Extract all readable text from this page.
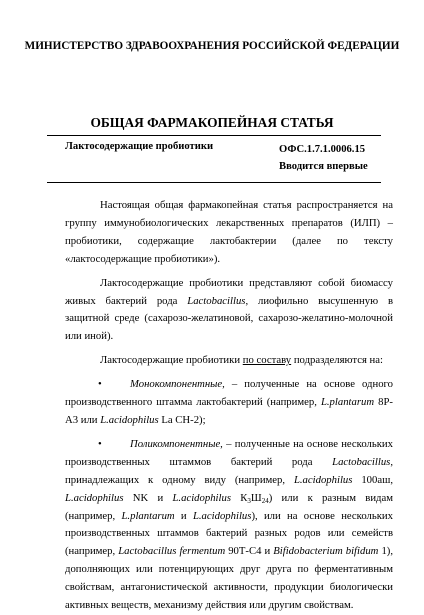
МИНИСТЕРСТВО ЗДРАВООХРАНЕНИЯ РОССИЙСКОЙ ФЕДЕРАЦИИ
ОБЩАЯ ФАРМАКОПЕЙНАЯ СТАТЬЯ
Лактосодержащие пробиотики	ОФС.1.7.1.0006.15
Вводится впервые

Настоящая общая фармакопейная статья распространяется на группу иммунобиологических лекарственных препаратов (ИЛП) – пробиотики, содержащие лактобактерии (далее по тексту «лактосодержащие пробиотики»).

Лактосодержащие пробиотики представляют собой биомассу живых бактерий рода Lactobacillus, лиофильно высушенную в защитной среде (сахарозо-желатиновой, сахарозо-желатино-молочной или иной).

Лактосодержащие пробиотики по составу подразделяются на:

•	Монокомпонентные, – полученные на основе одного производственного штамма лактобактерий (например, L.plantarum 8Р-А3 или L.acidophilus La CH-2);

•	Поликомпонентные, – полученные на основе нескольких производственных штаммов бактерий рода Lactobacillus, принадлежащих к одному виду (например, L.acidophilus 100аш, L.acidophilus NK и L.acidophilus $К_3Ш_{24}$) или к разным видам (например, L.plantarum и L.acidophilus), или на основе нескольких производственных штаммов бактерий разных родов или семейств (например, Lactobacillus fermentum 90Т-С4 и Bifidobacterium bifidum 1), дополняющих или потенцирующих друг друга по ферментативным свойствам, антагонистической активности, продукции биологически активных веществ, механизму действия или другим свойствам.
